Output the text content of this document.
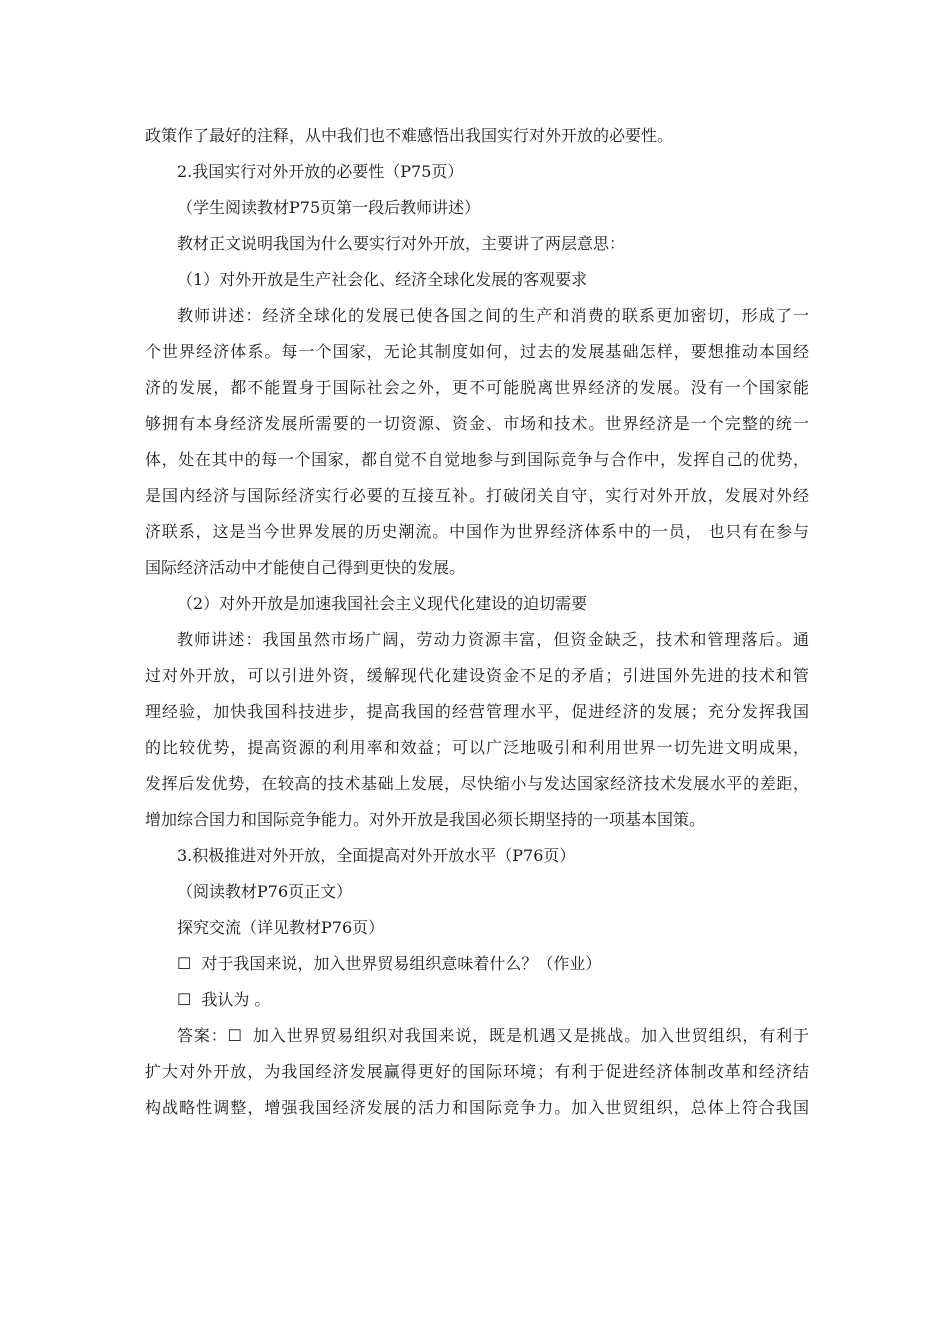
政策作了最好的注释，从中我们也不难感悟出我国实行对外开放的必要性。
2.我国实行对外开放的必要性（P75页）
（学生阅读教材P75页第一段后教师讲述）
教材正文说明我国为什么要实行对外开放，主要讲了两层意思：
（1）对外开放是生产社会化、经济全球化发展的客观要求
教师讲述：经济全球化的发展已使各国之间的生产和消费的联系更加密切，形成了一
个世界经济体系。每一个国家，无论其制度如何，过去的发展基础怎样，要想推动本国经
济的发展，都不能置身于国际社会之外，更不可能脱离世界经济的发展。没有一个国家能
够拥有本身经济发展所需要的一切资源、资金、市场和技术。世界经济是一个完整的统一
体，处在其中的每一个国家，都自觉不自觉地参与到国际竞争与合作中，发挥自己的优势，
是国内经济与国际经济实行必要的互接互补。打破闭关自守，实行对外开放，发展对外经
济联系，这是当今世界发展的历史潮流。中国作为世界经济体系中的一员， 也只有在参与
国际经济活动中才能使自己得到更快的发展。
（2）对外开放是加速我国社会主义现代化建设的迫切需要
教师讲述：我国虽然市场广阔，劳动力资源丰富，但资金缺乏，技术和管理落后。通
过对外开放，可以引进外资，缓解现代化建设资金不足的矛盾；引进国外先进的技术和管
理经验，加快我国科技进步，提高我国的经营管理水平，促进经济的发展；充分发挥我国
的比较优势，提高资源的利用率和效益；可以广泛地吸引和利用世界一切先进文明成果，
发挥后发优势，在较高的技术基础上发展，尽快缩小与发达国家经济技术发展水平的差距，
增加综合国力和国际竞争能力。对外开放是我国必须长期坚持的一项基本国策。
3.积极推进对外开放，全面提高对外开放水平（P76页）
（阅读教材P76页正文）
探究交流（详见教材P76页）
☐ 对于我国来说，加入世界贸易组织意味着什么？（作业）
☐ 我认为 。
答案：☐ 加入世界贸易组织对我国来说，既是机遇又是挑战。加入世贸组织，有利于
扩大对外开放，为我国经济发展赢得更好的国际环境；有利于促进经济体制改革和经济结
构战略性调整，增强我国经济发展的活力和国际竞争力。加入世贸组织，总体上符合我国
